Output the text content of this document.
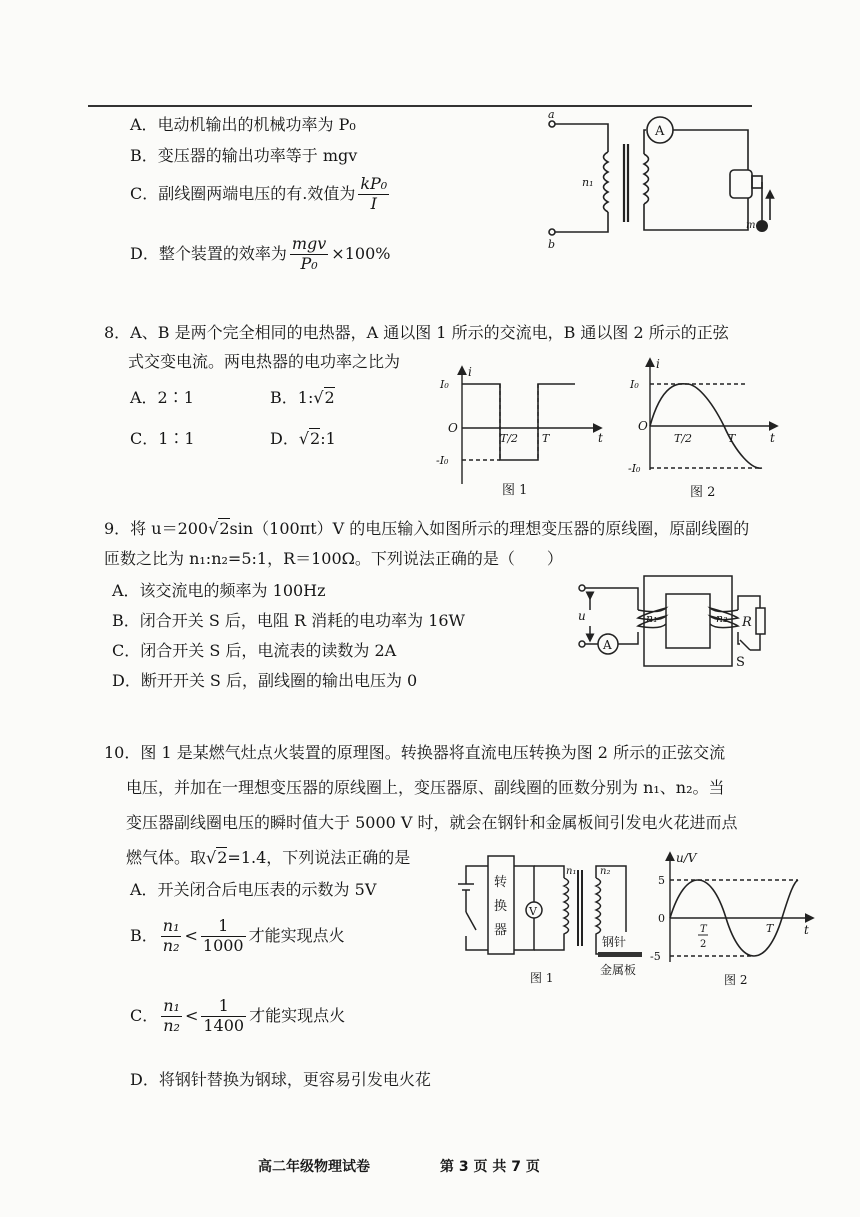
A．电动机输出的机械功率为 P₀
B．变压器的输出功率等于 mgv
C．副线圈两端电压的有.效值为 $\frac{\text{kP₀}}{I}$
D．整个装置的效率为 $\frac{\text{mgv}}{\text{P₀}} \times 100\%$
a
b
n₁
A
m
8．A、B 是两个完全相同的电热器，A 通以图 1 所示的交流电，B 通以图 2 所示的正弦
式交变电流。两电热器的电功率之比为
A．2∶1	B．1:√2
C．1∶1	D．√2:1
i
t
I₀
-I₀
O
T/2 T
图 1
i
t
I₀
-I₀
O
T/2	T
图 2
9．将 u＝200√2sin（100πt）V 的电压输入如图所示的理想变压器的原线圈，原副线圈的
匝数之比为 n₁:n₂=5:1，R＝100Ω。下列说法正确的是（　　）
A．该交流电的频率为 100Hz
B．闭合开关 S 后，电阻 R 消耗的电功率为 16W
C．闭合开关 S 后，电流表的读数为 2A
D．断开开关 S 后，副线圈的输出电压为 0
u	n₁	n₂ R
S
A
10．图 1 是某燃气灶点火装置的原理图。转换器将直流电压转换为图 2 所示的正弦交流
电压，并加在一理想变压器的原线圈上，变压器原、副线圈的匝数分别为 n₁、n₂。当
变压器副线圈电压的瞬时值大于 5000 V 时，就会在钢针和金属板间引发电火花进而点
燃气体。取√2=1.4，下列说法正确的是
A．开关闭合后电压表的示数为 5V
B． $\frac{\text{n₁}}{\text{n₂}} < \frac{1}{1000}$ 才能实现点火
C． $\frac{\text{n₁}}{\text{n₂}} < \frac{1}{1400}$ 才能实现点火
D．将钢针替换为钢球，更容易引发电火花
转
换
器
V
n₁ n₂
钢针
金属板
图 1
u/V
t
5
-5
0
T
2
T
图 2
高二年级物理试卷	第 3 页 共 7 页
